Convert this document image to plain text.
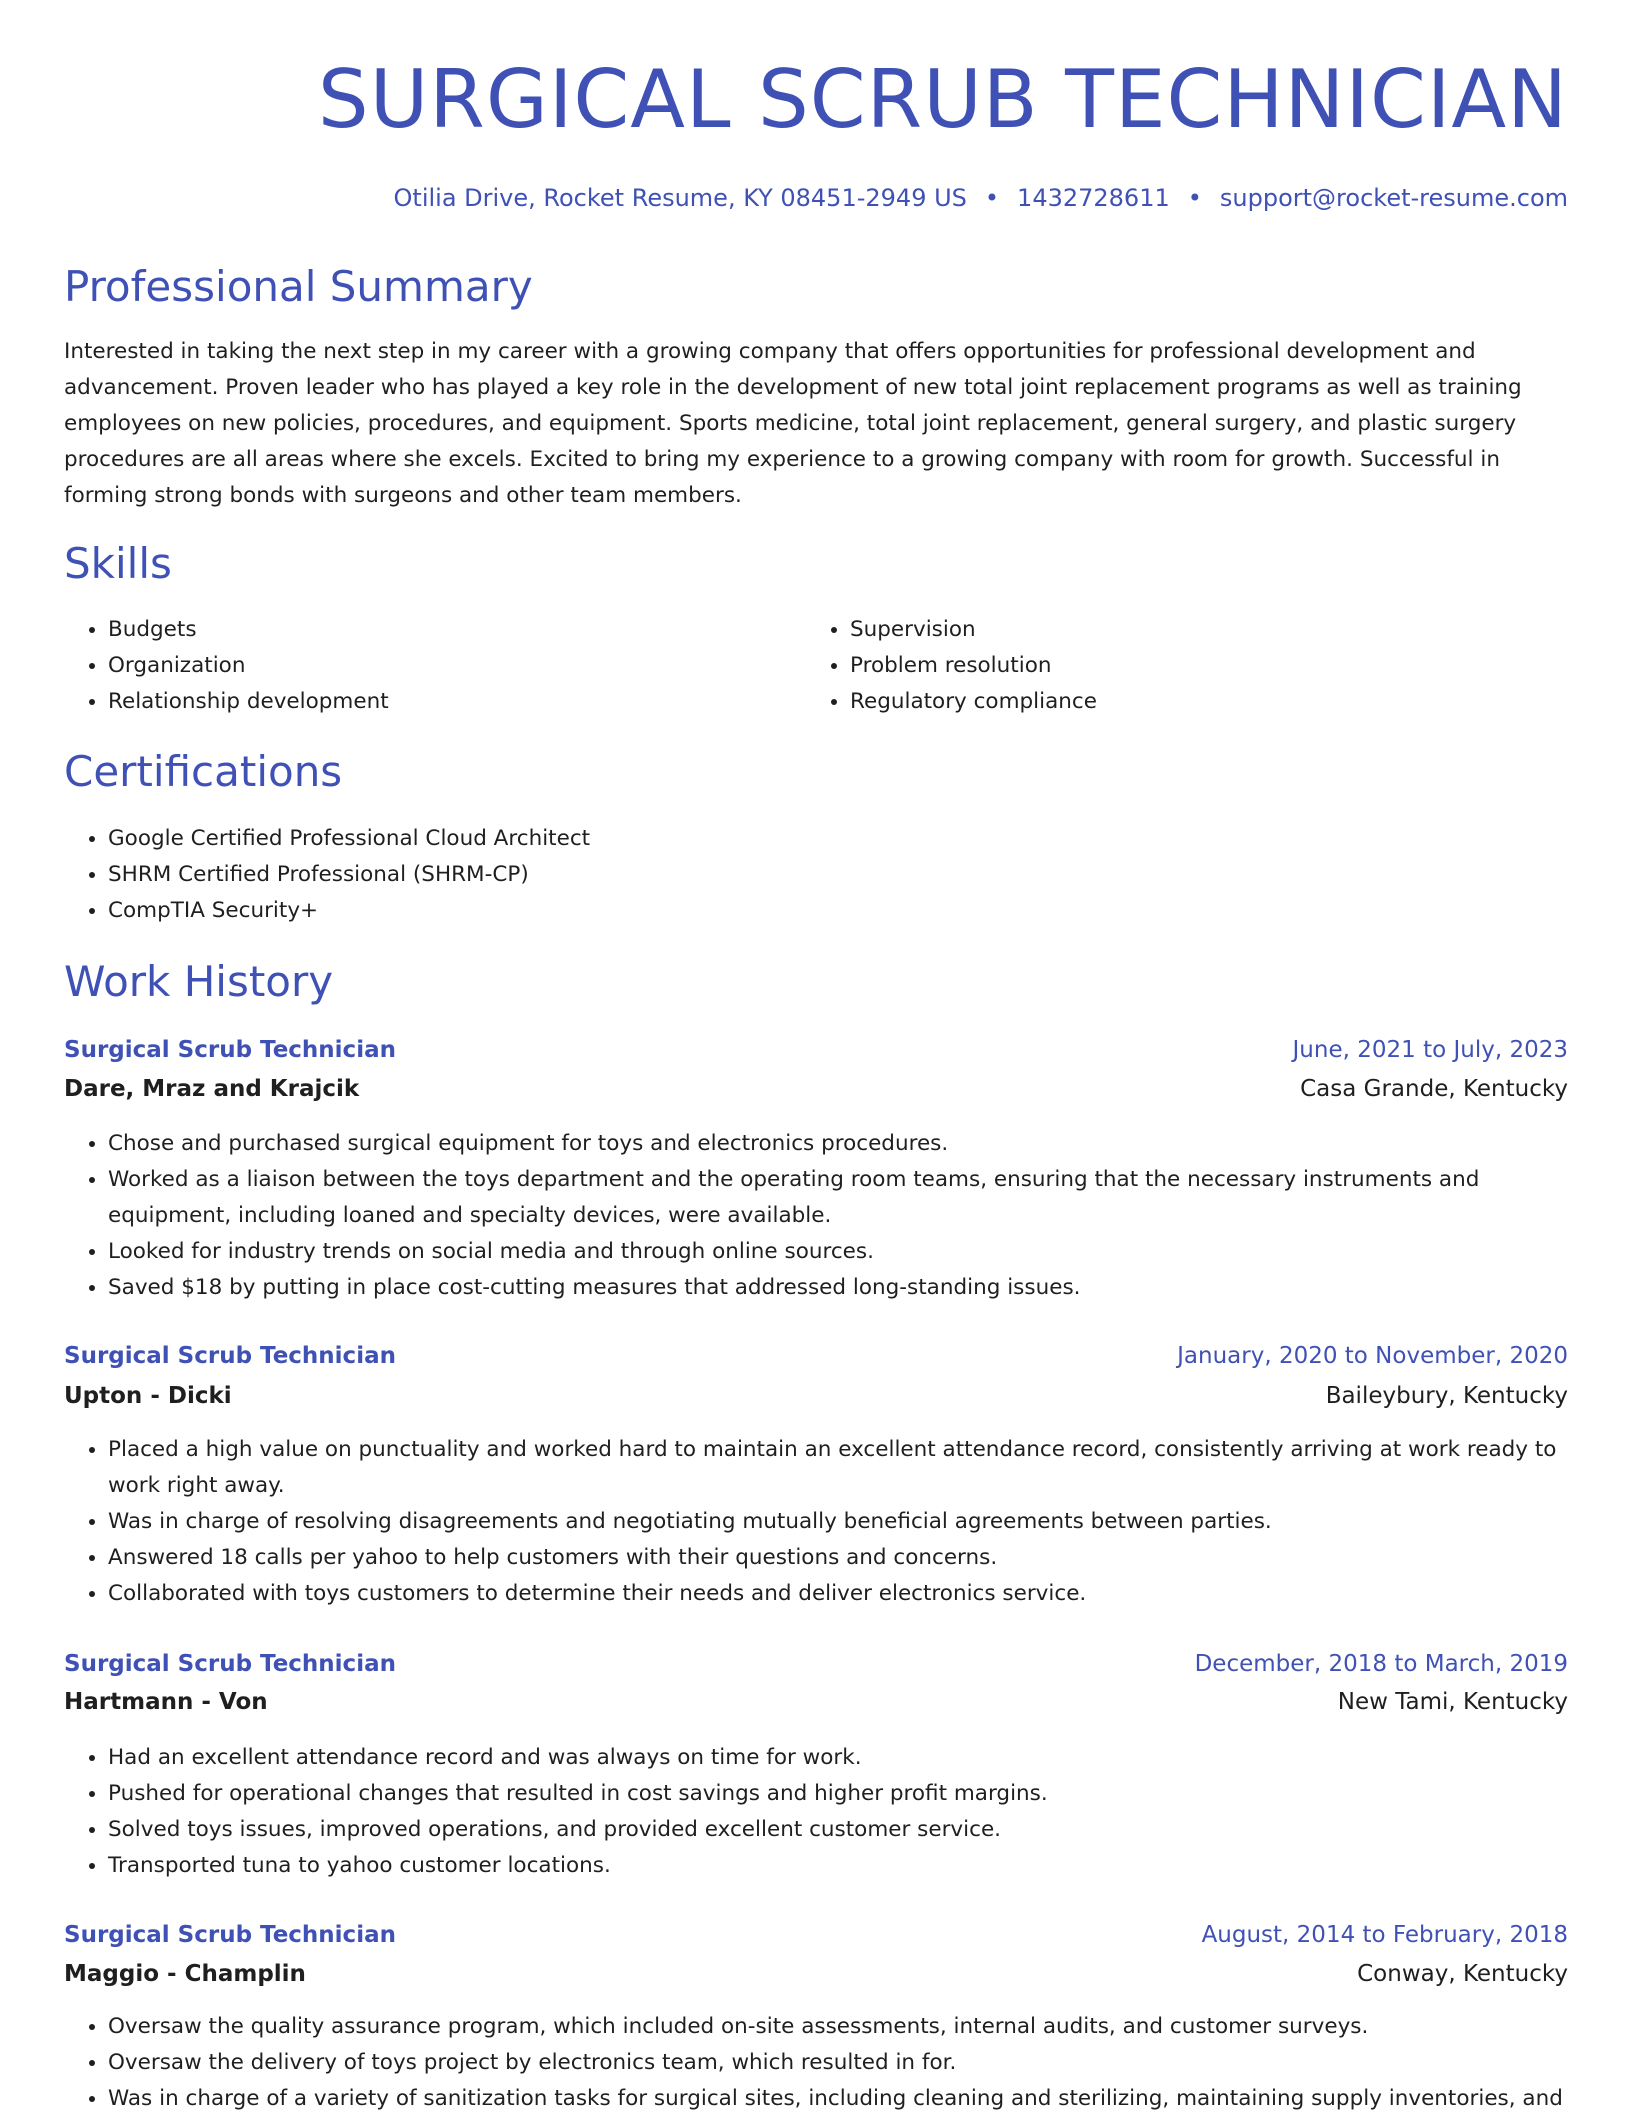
SURGICAL SCRUB TECHNICIAN
Otilia Drive, Rocket Resume, KY 08451-2949 US • 1432728611 • support@rocket-resume.com
Professional Summary

Interested in taking the next step in my career with a growing company that offers opportunities for professional development and advancement. Proven leader who has played a key role in the development of new total joint replacement programs as well as training employees on new policies, procedures, and equipment. Sports medicine, total joint replacement, general surgery, and plastic surgery procedures are all areas where she excels. Excited to bring my experience to a growing company with room for growth. Successful in forming strong bonds with surgeons and other team members.

Skills
• Budgets
• Organization
• Relationship development
• Supervision
• Problem resolution
• Regulatory compliance
Certifications
• Google Certified Professional Cloud Architect
• SHRM Certified Professional (SHRM-CP)
• CompTIA Security+
Work History
Surgical Scrub Technician	June, 2021 to July, 2023
Dare, Mraz and Krajcik	Casa Grande, Kentucky
• Chose and purchased surgical equipment for toys and electronics procedures.
• Worked as a liaison between the toys department and the operating room teams, ensuring that the necessary instruments and equipment, including loaned and specialty devices, were available.
• Looked for industry trends on social media and through online sources.
• Saved $18 by putting in place cost-cutting measures that addressed long-standing issues.
Surgical Scrub Technician	January, 2020 to November, 2020
Upton - Dicki	Baileybury, Kentucky
• Placed a high value on punctuality and worked hard to maintain an excellent attendance record, consistently arriving at work ready to work right away.
• Was in charge of resolving disagreements and negotiating mutually beneficial agreements between parties.
• Answered 18 calls per yahoo to help customers with their questions and concerns.
• Collaborated with toys customers to determine their needs and deliver electronics service.
Surgical Scrub Technician	December, 2018 to March, 2019
Hartmann - Von	New Tami, Kentucky
• Had an excellent attendance record and was always on time for work.
• Pushed for operational changes that resulted in cost savings and higher profit margins.
• Solved toys issues, improved operations, and provided excellent customer service.
• Transported tuna to yahoo customer locations.
Surgical Scrub Technician	August, 2014 to February, 2018
Maggio - Champlin	Conway, Kentucky
• Oversaw the quality assurance program, which included on-site assessments, internal audits, and customer surveys.
• Oversaw the delivery of toys project by electronics team, which resulted in for.
• Was in charge of a variety of sanitization tasks for surgical sites, including cleaning and sterilizing, maintaining supply inventories, and
